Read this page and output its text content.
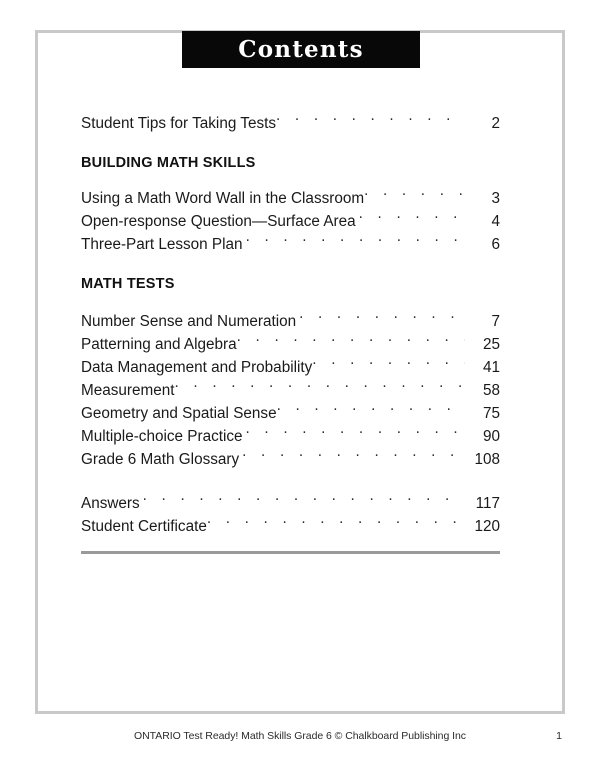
Contents
Student Tips for Taking Tests . . .	2
BUILDING MATH SKILLS
Using a Math Word Wall in the Classroom . . .	3
Open-response Question—Surface Area . . .	4
Three-Part Lesson Plan . . .	6
MATH TESTS
Number Sense and Numeration . . .	7
Patterning and Algebra . . .	25
Data Management and Probability . . .	41
Measurement . . .	58
Geometry and Spatial Sense . . .	75
Multiple-choice Practice . . .	90
Grade 6 Math Glossary . . .	108
Answers . . .	117
Student Certificate . . .	120
ONTARIO Test Ready! Math Skills Grade 6 © Chalkboard Publishing Inc	1
